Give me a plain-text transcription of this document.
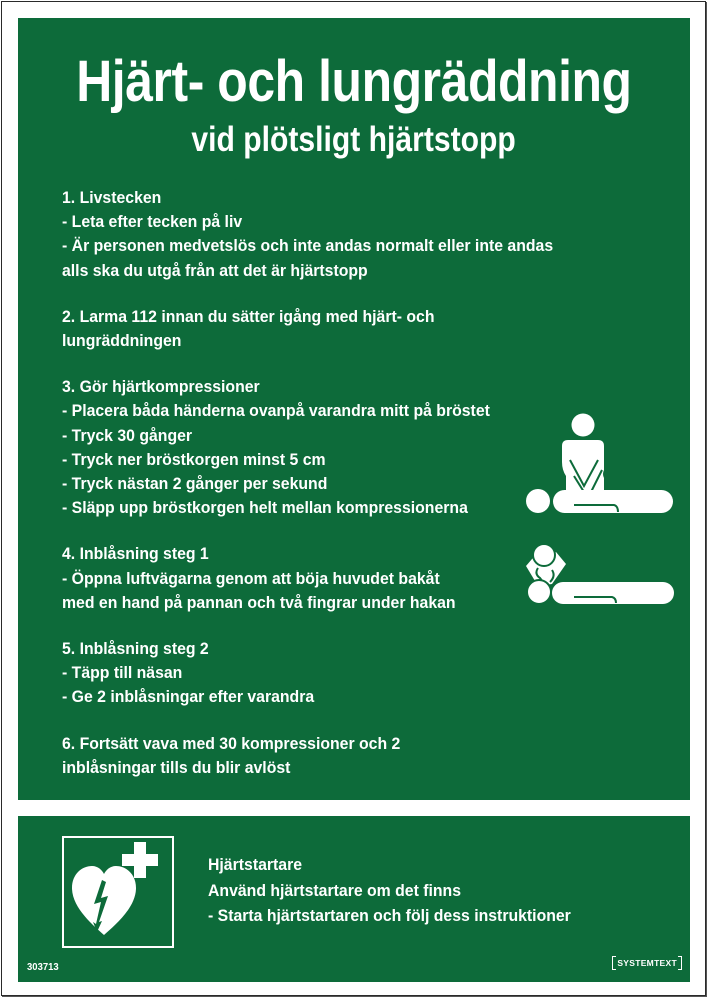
Hjärt- och lungräddning
vid plötsligt hjärtstopp
1. Livstecken
- Leta efter tecken på liv
- Är personen medvetslös och inte andas normalt eller inte andas
alls ska du utgå från att det är hjärtstopp
2. Larma 112 innan du sätter igång med hjärt- och
lungräddningen
3. Gör hjärtkompressioner
- Placera båda händerna ovanpå varandra mitt på bröstet
- Tryck 30 gånger
- Tryck ner bröstkorgen minst 5 cm
- Tryck nästan 2 gånger per sekund
- Släpp upp bröstkorgen helt mellan kompressionerna
4. Inblåsning steg 1
- Öppna luftvägarna genom att böja huvudet bakåt
med en hand på pannan och två fingrar under hakan
5. Inblåsning steg 2
- Täpp till näsan
- Ge 2 inblåsningar efter varandra
6. Fortsätt vava med 30 kompressioner och 2
inblåsningar tills du blir avlöst
Hjärtstartare
Använd hjärtstartare om det finns
- Starta hjärtstartaren och följ dess instruktioner
303713	SYSTEMTEXT
